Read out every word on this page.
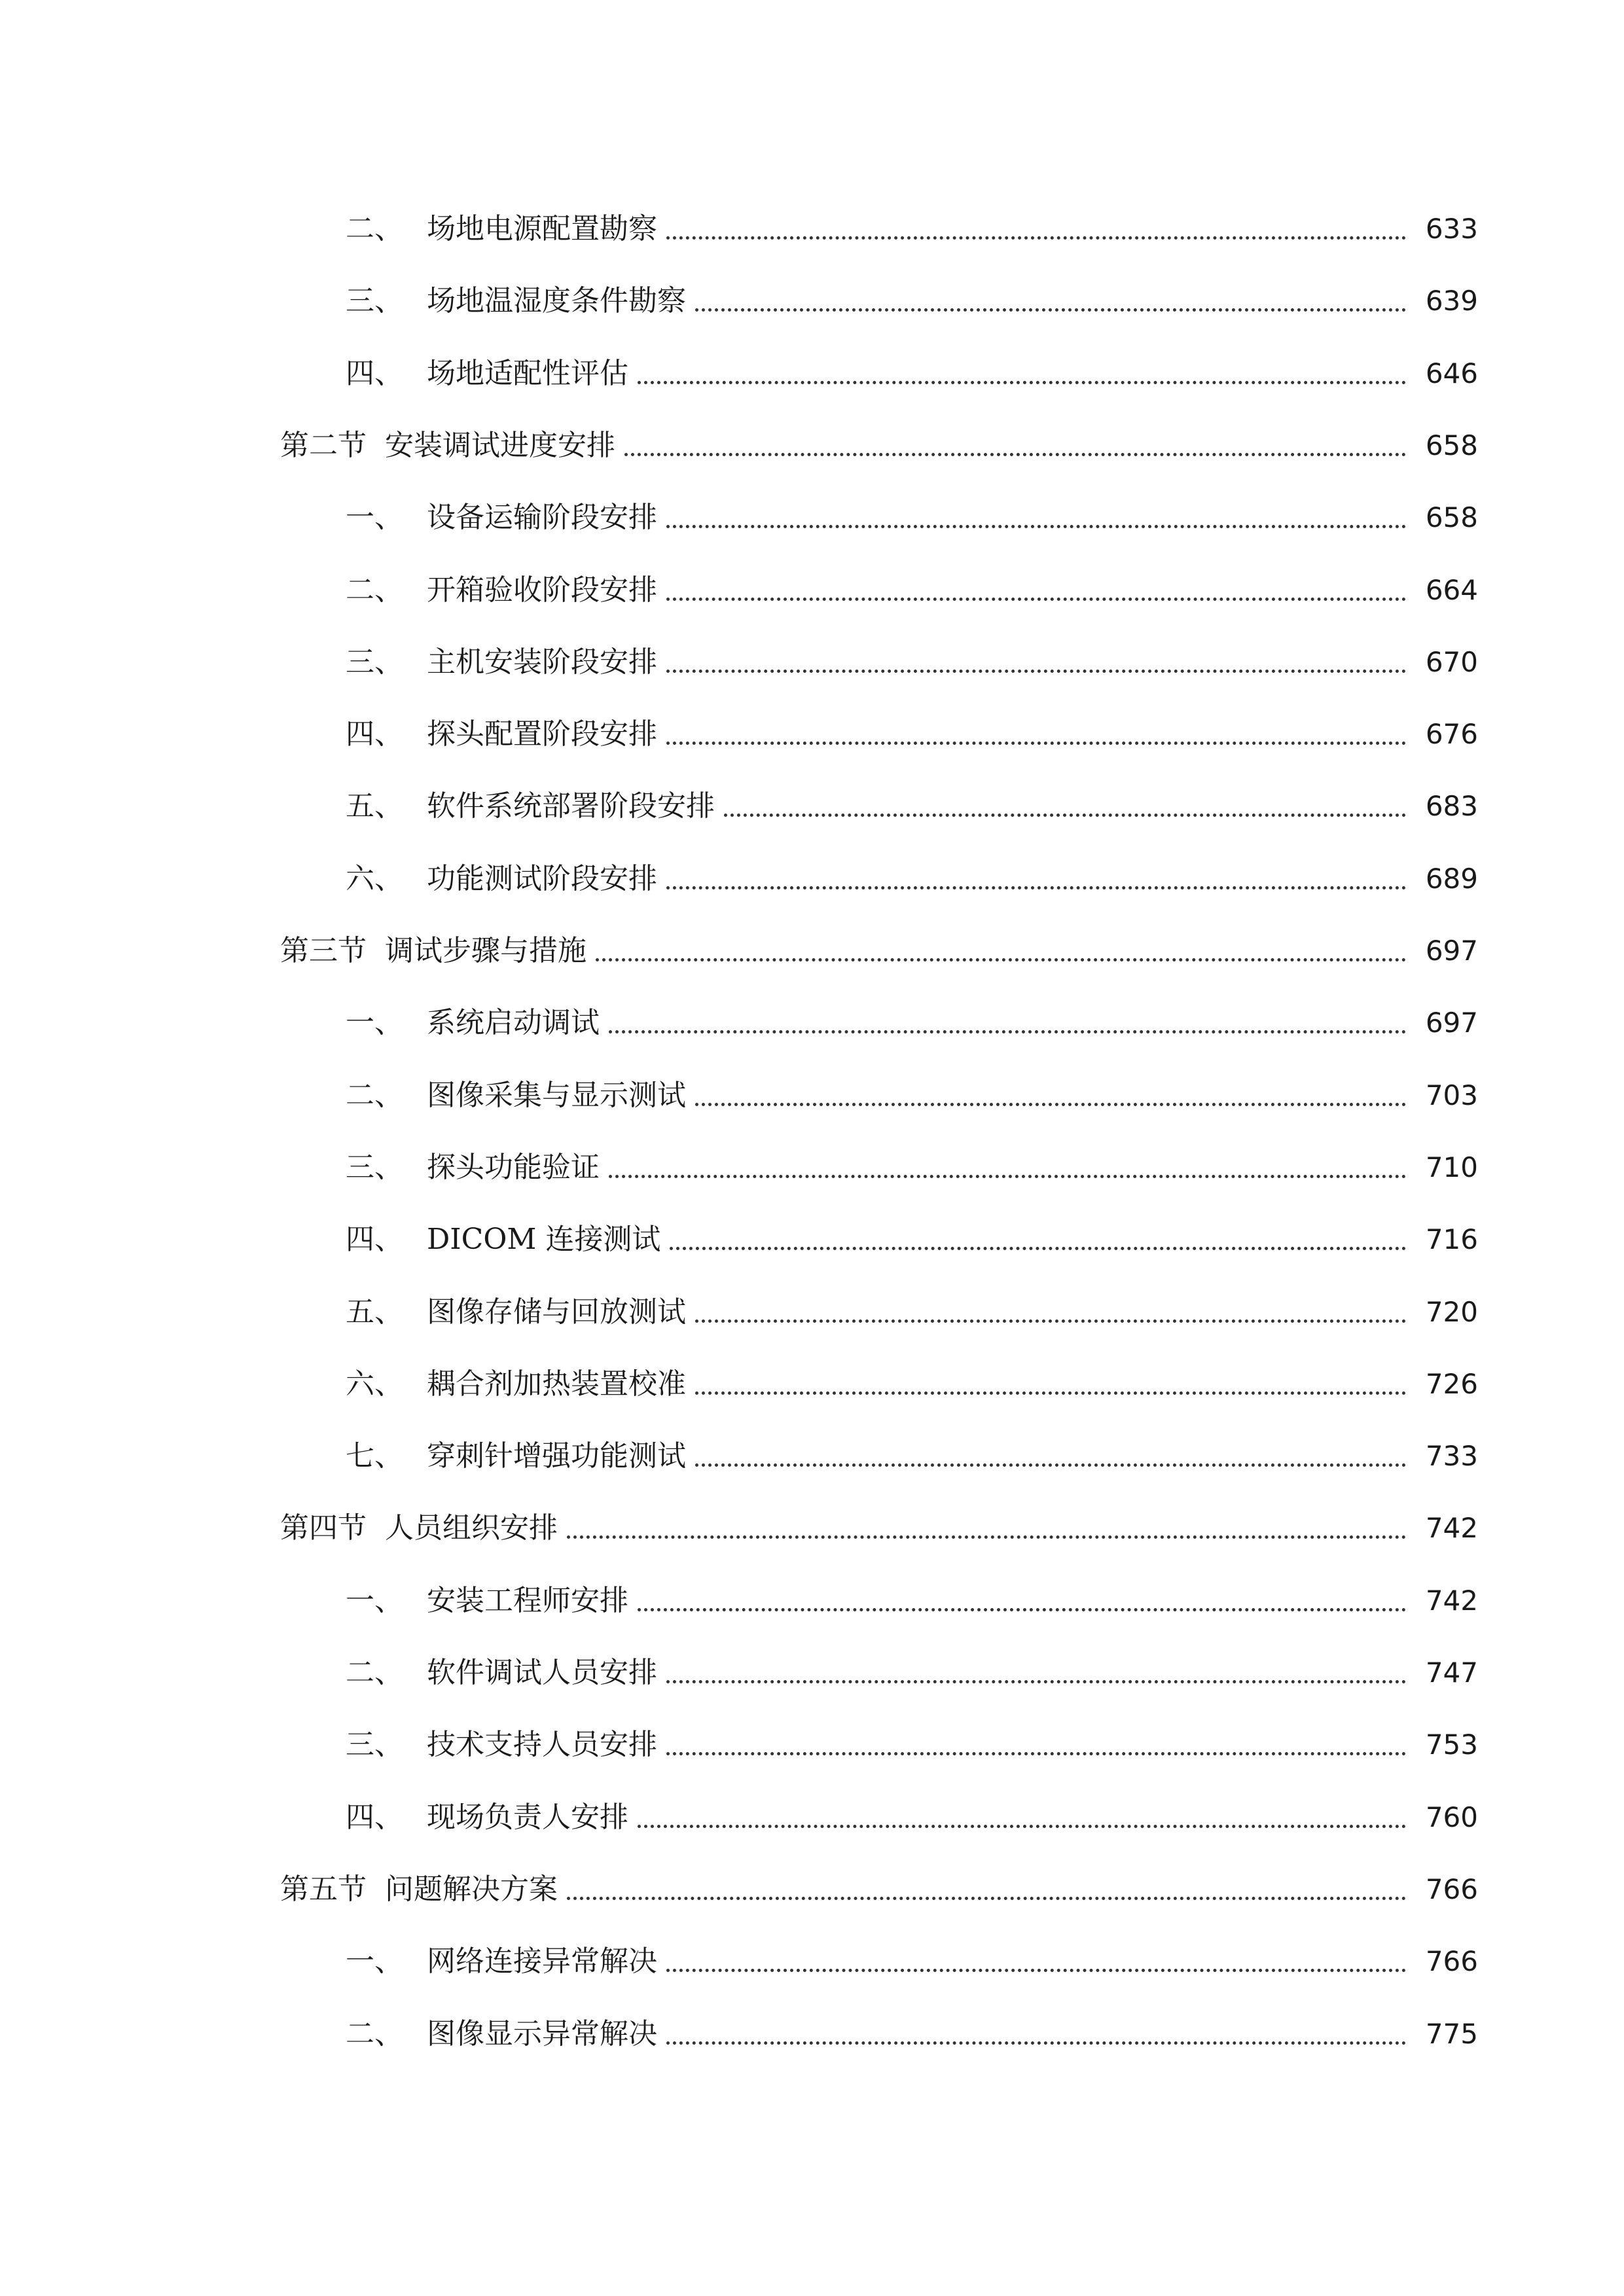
二、 场地电源配置勘察	633
三、 场地温湿度条件勘察	639
四、 场地适配性评估	646
第二节 安装调试进度安排	658
一、 设备运输阶段安排	658
二、 开箱验收阶段安排	664
三、 主机安装阶段安排	670
四、 探头配置阶段安排	676
五、 软件系统部署阶段安排	683
六、 功能测试阶段安排	689
第三节 调试步骤与措施	697
一、 系统启动调试	697
二、 图像采集与显示测试	703
三、 探头功能验证	710
四、 DICOM 连接测试	716
五、 图像存储与回放测试	720
六、 耦合剂加热装置校准	726
七、 穿刺针增强功能测试	733
第四节 人员组织安排	742
一、 安装工程师安排	742
二、 软件调试人员安排	747
三、 技术支持人员安排	753
四、 现场负责人安排	760
第五节 问题解决方案	766
一、 网络连接异常解决	766
二、 图像显示异常解决	775
